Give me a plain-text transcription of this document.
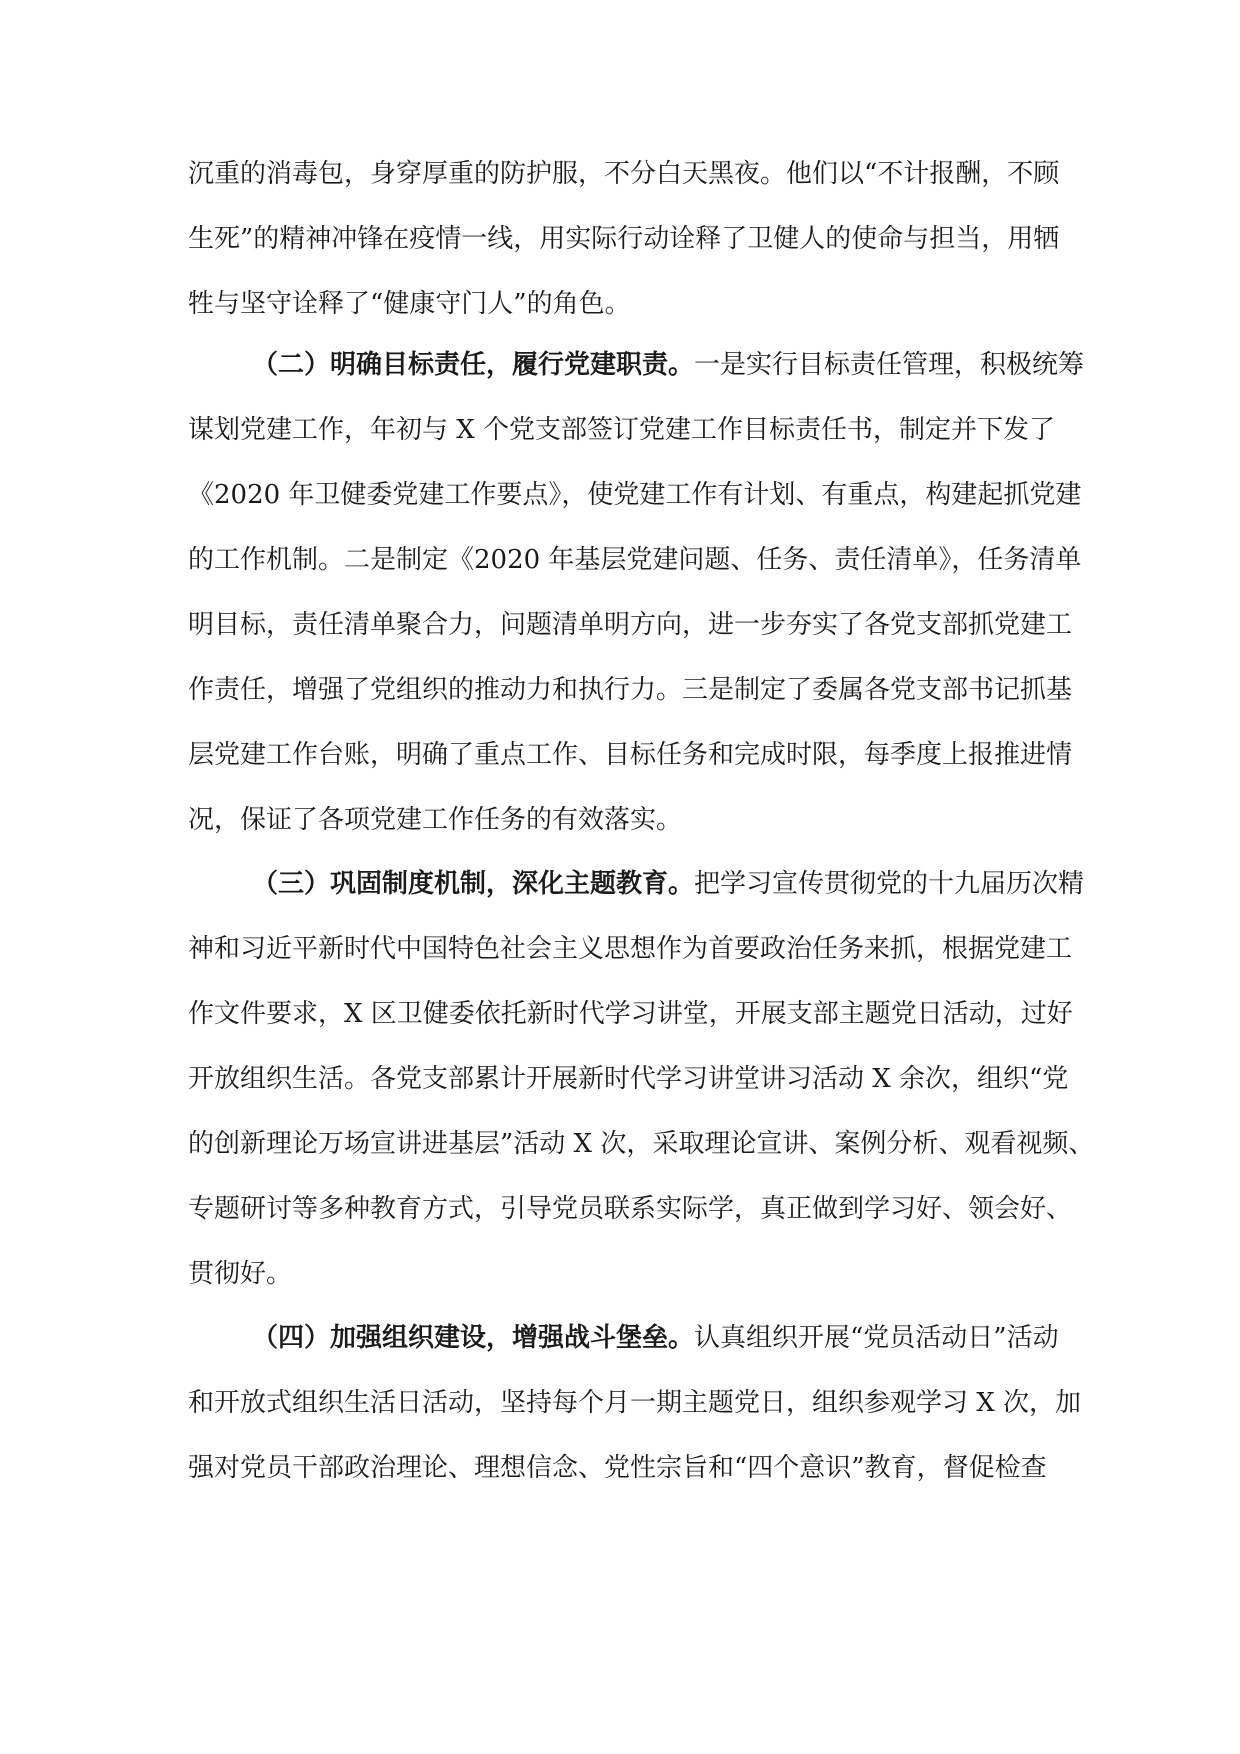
沉重的消毒包，身穿厚重的防护服，不分白天黑夜。他们以“不计报酬，不顾
生死”的精神冲锋在疫情一线，用实际行动诠释了卫健人的使命与担当，用牺
牲与坚守诠释了“健康守门人”的角色。
（二）明确目标责任，履行党建职责。一是实行目标责任管理，积极统筹
谋划党建工作，年初与 X 个党支部签订党建工作目标责任书，制定并下发了
《2020 年卫健委党建工作要点》，使党建工作有计划、有重点，构建起抓党建
的工作机制。二是制定《2020 年基层党建问题、任务、责任清单》，任务清单
明目标，责任清单聚合力，问题清单明方向，进一步夯实了各党支部抓党建工
作责任，增强了党组织的推动力和执行力。三是制定了委属各党支部书记抓基
层党建工作台账，明确了重点工作、目标任务和完成时限，每季度上报推进情
况，保证了各项党建工作任务的有效落实。
（三）巩固制度机制，深化主题教育。把学习宣传贯彻党的十九届历次精
神和习近平新时代中国特色社会主义思想作为首要政治任务来抓，根据党建工
作文件要求，X 区卫健委依托新时代学习讲堂，开展支部主题党日活动，过好
开放组织生活。各党支部累计开展新时代学习讲堂讲习活动 X 余次，组织“党
的创新理论万场宣讲进基层”活动 X 次，采取理论宣讲、案例分析、观看视频、
专题研讨等多种教育方式，引导党员联系实际学，真正做到学习好、领会好、
贯彻好。
（四）加强组织建设，增强战斗堡垒。认真组织开展“党员活动日”活动
和开放式组织生活日活动，坚持每个月一期主题党日，组织参观学习 X 次，加
强对党员干部政治理论、理想信念、党性宗旨和“四个意识”教育，督促检查
